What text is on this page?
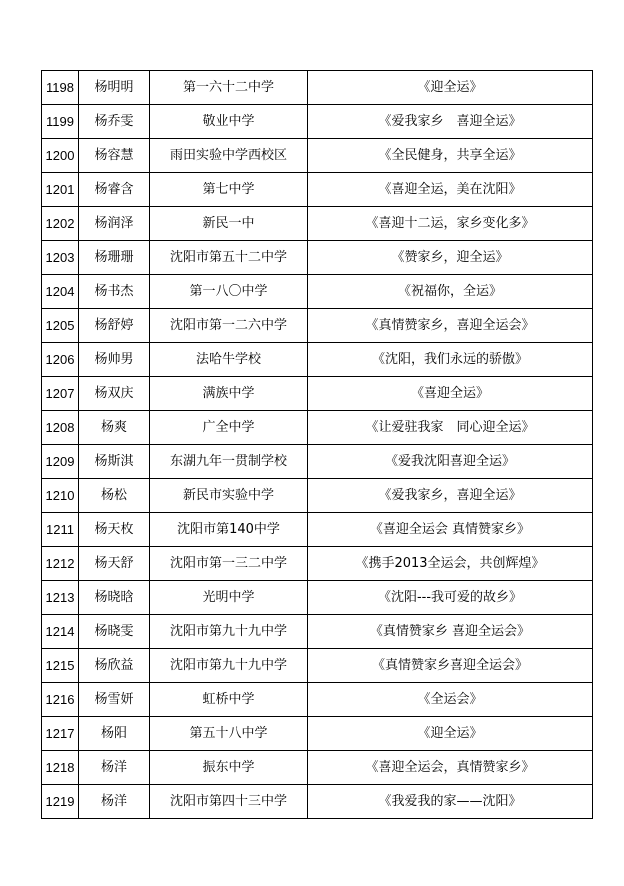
1198	杨明明	第一六十二中学	《迎全运》
1199	杨乔雯	敬业中学	《爱我家乡　喜迎全运》
1200	杨容慧	雨田实验中学西校区	《全民健身，共享全运》
1201	杨睿含	第七中学	《喜迎全运，美在沈阳》
1202	杨润泽	新民一中	《喜迎十二运，家乡变化多》
1203	杨珊珊	沈阳市第五十二中学	《赞家乡，迎全运》
1204	杨书杰	第一八〇中学	《祝福你，全运》
1205	杨舒婷	沈阳市第一二六中学	《真情赞家乡，喜迎全运会》
1206	杨帅男	法哈牛学校	《沈阳，我们永远的骄傲》
1207	杨双庆	满族中学	《喜迎全运》
1208	杨爽	广全中学	《让爱驻我家　同心迎全运》
1209	杨斯淇	东湖九年一贯制学校	《爱我沈阳喜迎全运》
1210	杨松	新民市实验中学	《爱我家乡，喜迎全运》
1211	杨天枚	沈阳市第140中学	《喜迎全运会 真情赞家乡》
1212	杨天舒	沈阳市第一三二中学	《携手2013全运会，共创辉煌》
1213	杨晓晗	光明中学	《沈阳---我可爱的故乡》
1214	杨晓雯	沈阳市第九十九中学	《真情赞家乡 喜迎全运会》
1215	杨欣益	沈阳市第九十九中学	《真情赞家乡喜迎全运会》
1216	杨雪妍	虹桥中学	《全运会》
1217	杨阳	第五十八中学	《迎全运》
1218	杨洋	振东中学	《喜迎全运会，真情赞家乡》
1219	杨洋	沈阳市第四十三中学	《我爱我的家——沈阳》
